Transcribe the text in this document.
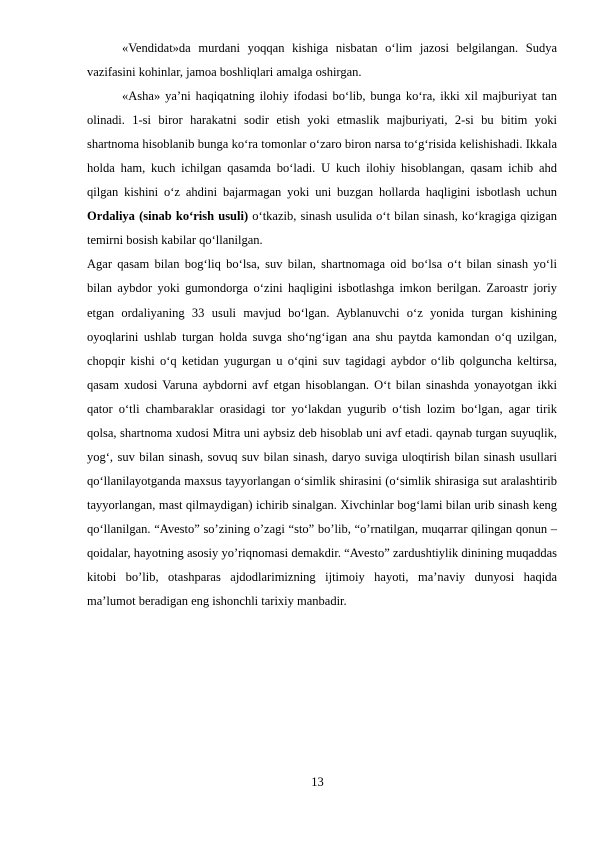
«Vendidat»da murdani yoqqan kishiga nisbatan o‘lim jazosi belgilangan. Sudya vazifasini kohinlar, jamoa boshliqlari amalga oshirgan.

«Asha» ya’ni haqiqatning ilohiy ifodasi bo‘lib, bunga ko‘ra, ikki xil majburiyat tan olinadi. 1-si biror harakatni sodir etish yoki etmaslik majburiyati, 2-si bu bitim yoki shartnoma hisoblanib bunga ko‘ra tomonlar o‘zaro biron narsa to‘g‘risida kelishishadi. Ikkala holda ham, kuch ichilgan qasamda bo‘ladi. U kuch ilohiy hisoblangan, qasam ichib ahd qilgan kishini o‘z ahdini bajarmagan yoki uni buzgan hollarda haqligini isbotlash uchun Ordaliya (sinab ko‘rish usuli) o‘tkazib, sinash usulida o‘t bilan sinash, ko‘kragiga qizigan temirni bosish kabilar qo‘llanilgan.

Agar qasam bilan bog‘liq bo‘lsa, suv bilan, shartnomaga oid bo‘lsa o‘t bilan sinash yo‘li bilan aybdor yoki gumondorga o‘zini haqligini isbotlashga imkon berilgan. Zaroastr joriy etgan ordaliyaning 33 usuli mavjud bo‘lgan. Ayblanuvchi o‘z yonida turgan kishining oyoqlarini ushlab turgan holda suvga sho‘ng‘igan ana shu paytda kamondan o‘q uzilgan, chopqir kishi o‘q ketidan yugurgan u o‘qini suv tagidagi aybdor o‘lib qolguncha keltirsa, qasam xudosi Varuna aybdorni avf etgan hisoblangan. O‘t bilan sinashda yonayotgan ikki qator o‘tli chambaraklar orasidagi tor yo‘lakdan yugurib o‘tish lozim bo‘lgan, agar tirik qolsa, shartnoma xudosi Mitra uni aybsiz deb hisoblab uni avf etadi. qaynab turgan suyuqlik, yog‘, suv bilan sinash, sovuq suv bilan sinash, daryo suviga uloqtirish bilan sinash usullari qo‘llanilayotganda maxsus tayyorlangan o‘simlik shirasini (o‘simlik shirasiga sut aralashtirib tayyorlangan, mast qilmaydigan) ichirib sinalgan. Xivchinlar bog‘lami bilan urib sinash keng qo‘llanilgan. “Avesto” so’zining o’zagi “sto” bo’lib, “o’rnatilgan, muqarrar qilingan qonun – qoidalar, hayotning asosiy yo’riqnomasi demakdir. “Avesto” zardushtiylik dinining muqaddas kitobi bo’lib, otashparas ajdodlarimizning ijtimoiy hayoti, ma’naviy dunyosi haqida ma’lumot beradigan eng ishonchli tarixiy manbadir.

13
